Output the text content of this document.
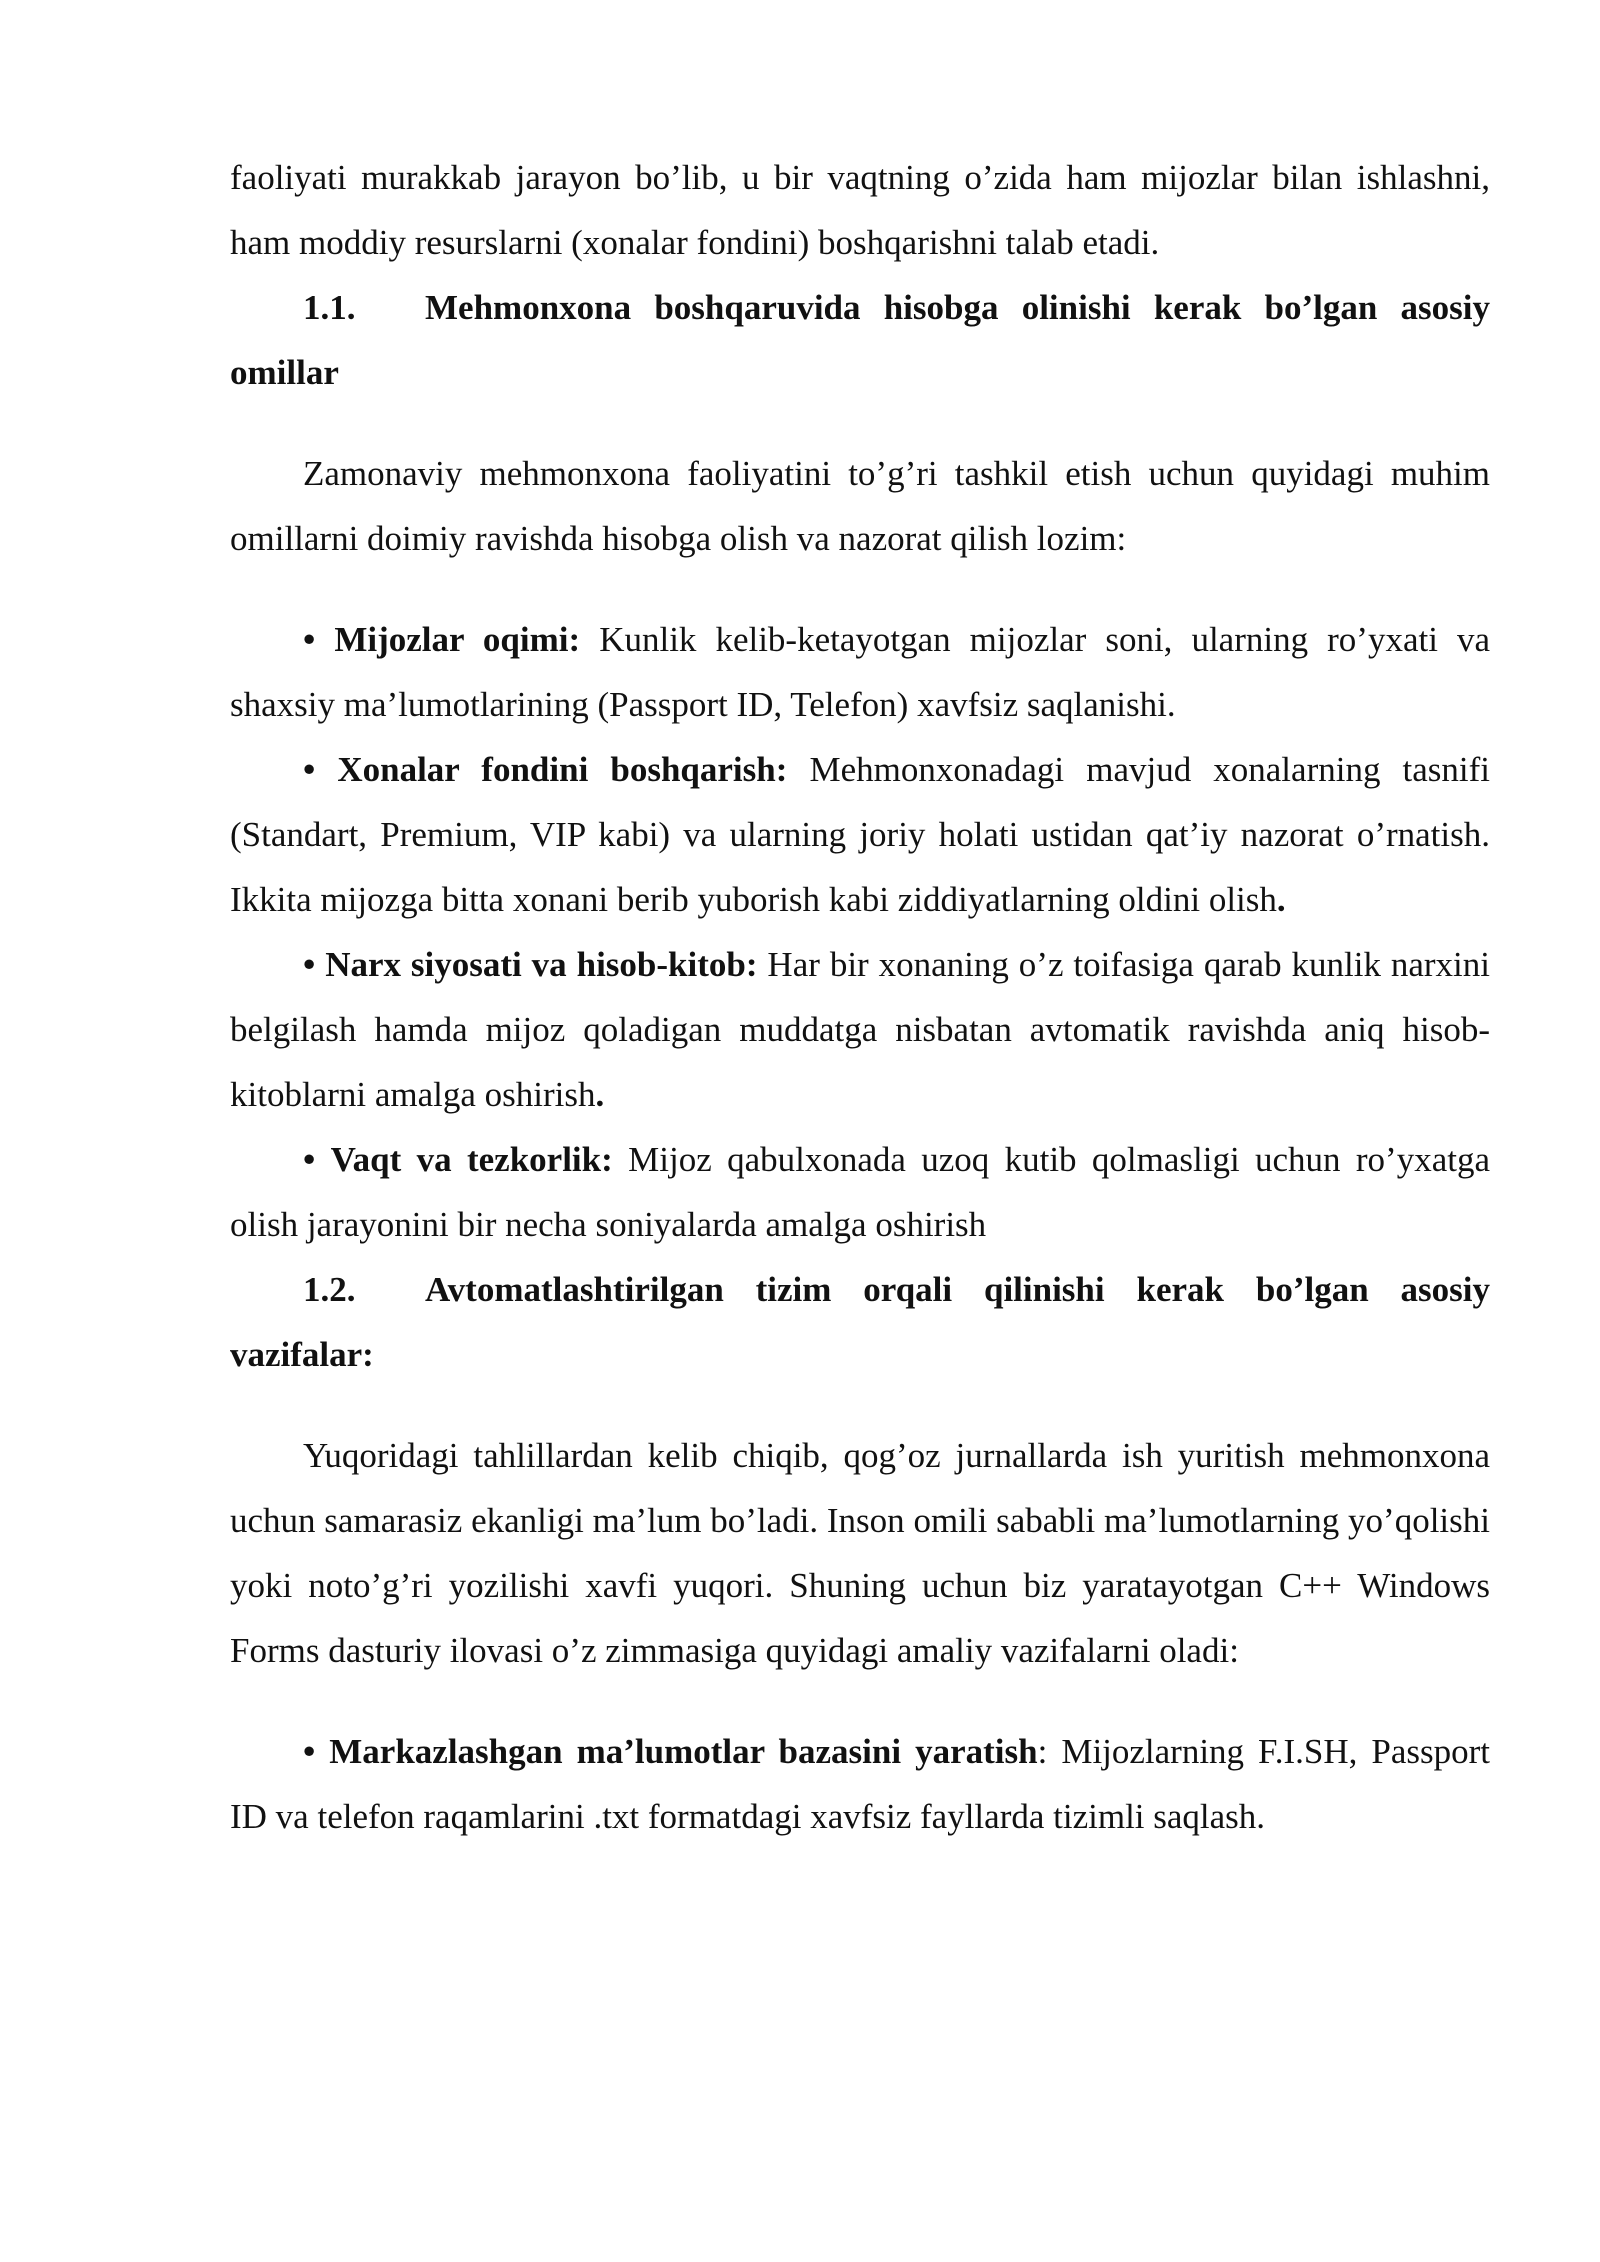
faoliyati murakkab jarayon bo’lib, u bir vaqtning o’zida ham mijozlar bilan ishlashni, ham moddiy resurslarni (xonalar fondini) boshqarishni talab etadi.

1.1. Mehmonxona boshqaruvida hisobga olinishi kerak bo’lgan asosiy omillar

Zamonaviy mehmonxona faoliyatini to’g’ri tashkil etish uchun quyidagi muhim omillarni doimiy ravishda hisobga olish va nazorat qilish lozim:

• Mijozlar oqimi: Kunlik kelib-ketayotgan mijozlar soni, ularning ro’yxati va shaxsiy ma’lumotlarining (Passport ID, Telefon) xavfsiz saqlanishi.

• Xonalar fondini boshqarish: Mehmonxonadagi mavjud xonalarning tasnifi (Standart, Premium, VIP kabi) va ularning joriy holati ustidan qat’iy nazorat o’rnatish. Ikkita mijozga bitta xonani berib yuborish kabi ziddiyatlarning oldini olish.

• Narx siyosati va hisob-kitob: Har bir xonaning o’z toifasiga qarab kunlik narxini belgilash hamda mijoz qoladigan muddatga nisbatan avtomatik ravishda aniq hisob-kitoblarni amalga oshirish.

• Vaqt va tezkorlik: Mijoz qabulxonada uzoq kutib qolmasligi uchun ro’yxatga olish jarayonini bir necha soniyalarda amalga oshirish

1.2. Avtomatlashtirilgan tizim orqali qilinishi kerak bo’lgan asosiy vazifalar:

Yuqoridagi tahlillardan kelib chiqib, qog’oz jurnallarda ish yuritish mehmonxona uchun samarasiz ekanligi ma’lum bo’ladi. Inson omili sababli ma’lumotlarning yo’qolishi yoki noto’g’ri yozilishi xavfi yuqori. Shuning uchun biz yaratayotgan C++ Windows Forms dasturiy ilovasi o’z zimmasiga quyidagi amaliy vazifalarni oladi:

• Markazlashgan ma’lumotlar bazasini yaratish: Mijozlarning F.I.SH, Passport ID va telefon raqamlarini .txt formatdagi xavfsiz fayllarda tizimli saqlash.
